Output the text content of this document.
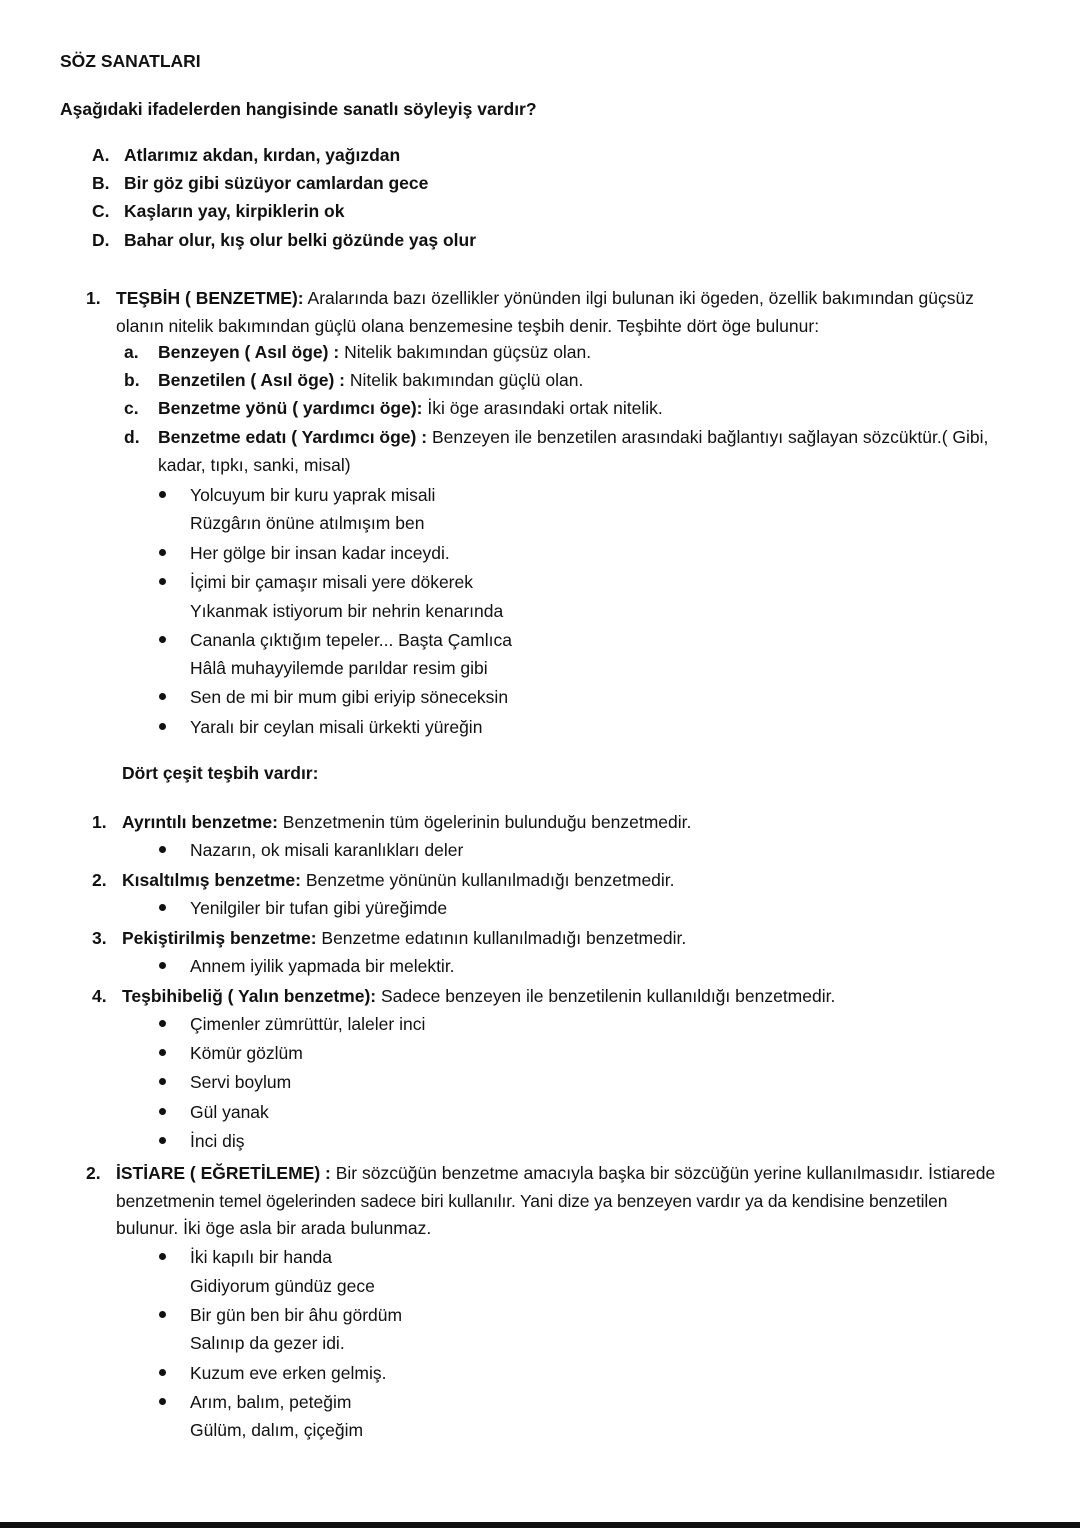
SÖZ SANATLARI
Aşağıdaki ifadelerden hangisinde sanatlı söyleyiş vardır?
A. Atlarımız akdan, kırdan, yağızdan
B. Bir göz gibi süzüyor camlardan gece
C. Kaşların yay, kirpiklerin ok
D. Bahar olur, kış olur belki gözünde yaş olur
1. TEŞBİH ( BENZETME): Aralarında bazı özellikler yönünden ilgi bulunan iki ögeden, özellik bakımından güçsüz
olanın nitelik bakımından güçlü olana benzemesine teşbih denir. Teşbihte dört öge bulunur:
a. Benzeyen ( Asıl öge) : Nitelik bakımından güçsüz olan.
b. Benzetilen ( Asıl öge) : Nitelik bakımından güçlü olan.
c. Benzetme yönü ( yardımcı öge): İki öge arasındaki ortak nitelik.
d. Benzetme edatı ( Yardımcı öge) : Benzeyen ile benzetilen arasındaki bağlantıyı sağlayan sözcüktür.( Gibi,
kadar, tıpkı, sanki, misal)
Yolcuyum bir kuru yaprak misali
Rüzgârın önüne atılmışım ben
Her gölge bir insan kadar inceydi.
İçimi bir çamaşır misali yere dökerek
Yıkanmak istiyorum bir nehrin kenarında
Cananla çıktığım tepeler... Başta Çamlıca
Hâlâ muhayyilemde parıldar resim gibi
Sen de mi bir mum gibi eriyip söneceksin
Yaralı bir ceylan misali ürkekti yüreğin
Dört çeşit teşbih vardır:
1. Ayrıntılı benzetme: Benzetmenin tüm ögelerinin bulunduğu benzetmedir.
Nazarın, ok misali karanlıkları deler
2. Kısaltılmış benzetme: Benzetme yönünün kullanılmadığı benzetmedir.
Yenilgiler bir tufan gibi yüreğimde
3. Pekiştirilmiş benzetme: Benzetme edatının kullanılmadığı benzetmedir.
Annem iyilik yapmada bir melektir.
4. Teşbihibeliğ ( Yalın benzetme): Sadece benzeyen ile benzetilenin kullanıldığı benzetmedir.
Çimenler zümrüttür, laleler inci
Kömür gözlüm
Servi boylum
Gül yanak
İnci diş
2. İSTİARE ( EĞRETİLEME) : Bir sözcüğün benzetme amacıyla başka bir sözcüğün yerine kullanılmasıdır. İstiarede
benzetmenin temel ögelerinden sadece biri kullanılır. Yani dize ya benzeyen vardır ya da kendisine benzetilen
bulunur. İki öge asla bir arada bulunmaz.
İki kapılı bir handa
Gidiyorum gündüz gece
Bir gün ben bir âhu gördüm
Salınıp da gezer idi.
Kuzum eve erken gelmiş.
Arım, balım, peteğim
Gülüm, dalım, çiçeğim
